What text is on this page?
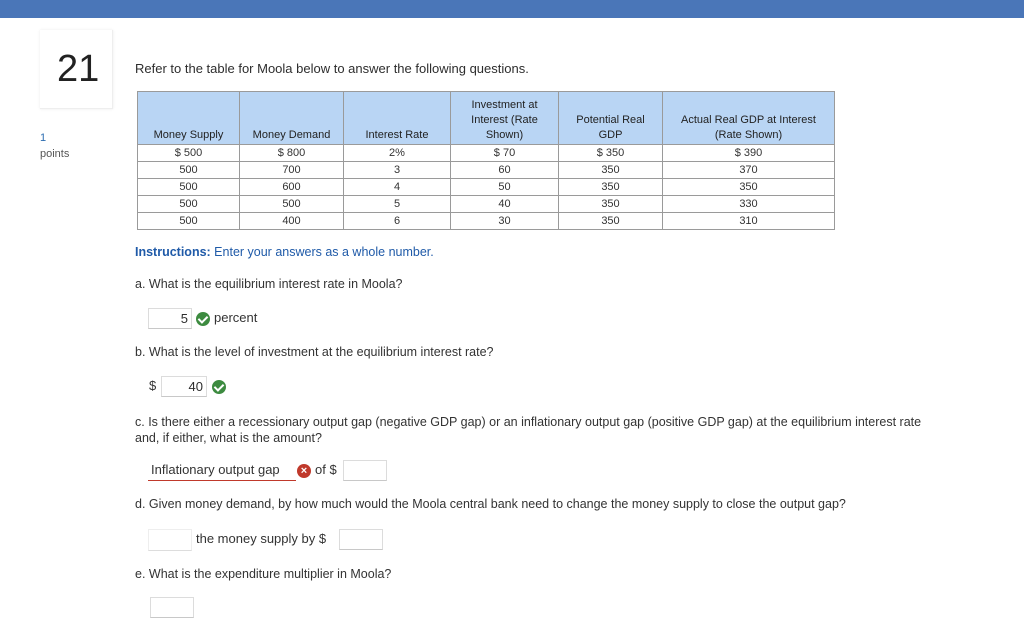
21
1
points
Refer to the table for Moola below to answer the following questions.
Money Supply	Money Demand	Interest Rate	Investment at Interest (Rate Shown)	Potential Real GDP	Actual Real GDP at Interest (Rate Shown)
$ 500	$ 800	2%	$ 70	$ 350	$ 390
500	700	3	60	350	370
500	600	4	50	350	350
500	500	5	40	350	330
500	400	6	30	350	310
Instructions: Enter your answers as a whole number.
a. What is the equilibrium interest rate in Moola?
5	percent
b. What is the level of investment at the equilibrium interest rate?
$	40
c. Is there either a recessionary output gap (negative GDP gap) or an inflationary output gap (positive GDP gap) at the equilibrium interest rate and, if either, what is the amount?
Inflationary output gap	× of $
d. Given money demand, by how much would the Moola central bank need to change the money supply to close the output gap?
the money supply by $
e. What is the expenditure multiplier in Moola?
